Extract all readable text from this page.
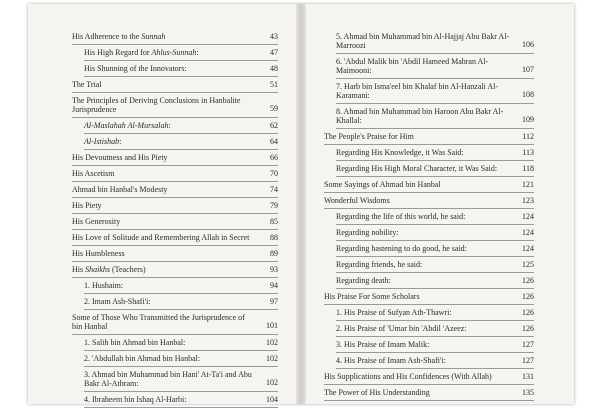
His Adherence to the Sunnah	43
His High Regard for Ahlus-Sunnah:	47
His Shunning of the Innovators:	48
The Trial	51
The Principles of Deriving Conclusions in Hanbalite Jurisprudence	59
Al-Maslahah Al-Mursalah:	62
Al-Istishab:	64
His Devoutness and His Piety	66
His Ascetism	70
Ahmad bin Hanbal's Modesty	74
His Piety	79
His Generosity	85
His Love of Solitude and Remembering Allah in Secret	88
His Humbleness	89
His Shaikhs (Teachers)	93
1. Hushaim:	94
2. Imam Ash-Shafi'i:	97
Some of Those Who Transmitted the Jurisprudence of bin Hanbal	101
1. Salih bin Ahmad bin Hanbal:	102
2. 'Abdullah bin Ahmad bin Hanbal:	102
3. Ahmad bin Muhammad bin Hani' At-Ta'i and Abu Bakr Al-Athram:	102
4. Ibraheem bin Ishaq Al-Harbi:	104
5. Ahmad bin Muhammad bin Al-Hajjaj Abu Bakr Al-Marroozi	106
6. 'Abdul Malik bin 'Abdil Hameed Mahran Al-Maimooni:	107
7. Harb bin Isma'eel bin Khalaf bin Al-Hanzali Al-Karamani:	108
8. Ahmad bin Muhammad bin Haroon Abu Bakr Al-Khallal:	109
The People's Praise for Him	112
Regarding His Knowledge, it Was Said:	113
Regarding His High Moral Character, it Was Said:	118
Some Sayings of Ahmad bin Hanbal	121
Wonderful Wisdoms	123
Regarding the life of this world, he said:	124
Regarding nobility:	124
Regarding hastening to do good, he said:	124
Regarding friends, he said:	125
Regarding death:	126
His Praise For Some Scholars	126
1. His Praise of Sufyan Ath-Thawri:	126
2. His Praise of 'Umar bin 'Abdil 'Azeez:	126
3. His Praise of Imam Malik:	127
4. His Praise of Imam Ash-Shafi'i:	127
His Supplications and His Confidences (With Allah)	131
The Power of His Understanding	135
